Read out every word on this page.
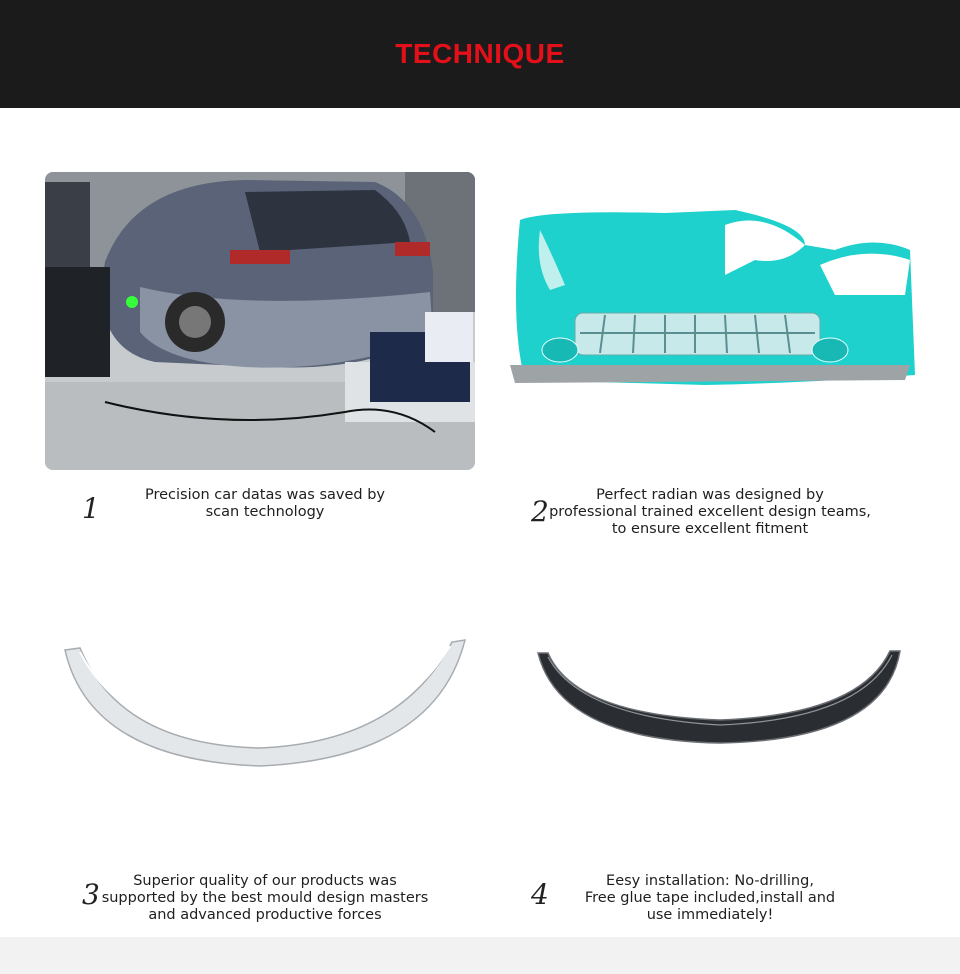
TECHNIQUE
1	Precision car datas was saved by
scan technology	2	Perfect radian was designed by
professional trained excellent design teams,
to ensure excellent fitment
3	Superior quality of our products was
supported by the best mould design masters
and advanced productive forces
4	Eesy installation: No-drilling,
Free glue tape included,install and
use immediately!
